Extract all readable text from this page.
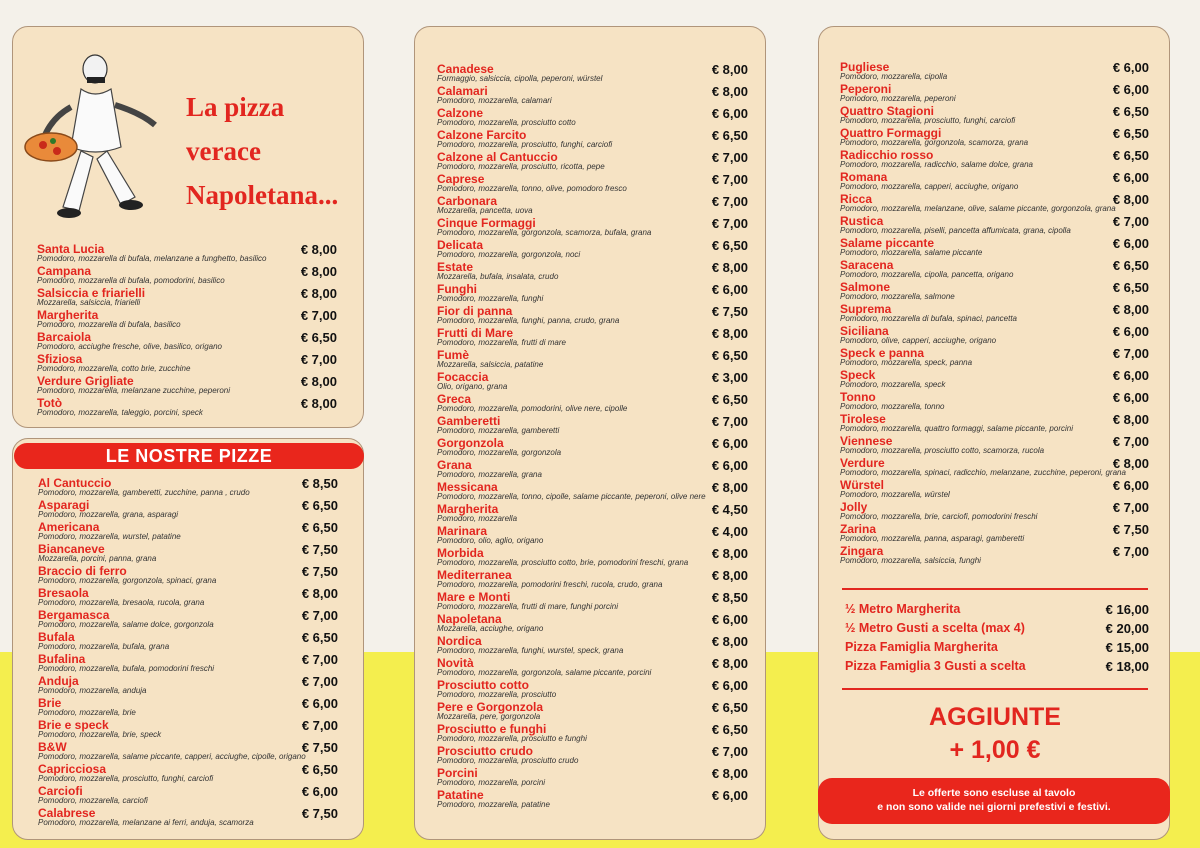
La pizza
verace
Napoletana...
Santa Lucia
Pomodoro, mozzarella di bufala, melanzane a funghetto, basilico
€ 8,00
Campana
Pomodoro, mozzarella di bufala, pomodorini, basilico
€ 8,00
Salsiccia e friarielli
Mozzarella, salsiccia, friarielli
€ 8,00
Margherita
Pomodoro, mozzarella di bufala, basilico
€ 7,00
Barcaiola
Pomodoro, acciughe fresche, olive, basilico, origano
€ 6,50
Sfiziosa
Pomodoro, mozzarella, cotto brie, zucchine
€ 7,00
Verdure Grigliate
Pomodoro, mozzarella, melanzane zucchine, peperoni
€ 8,00
Totò
Pomodoro, mozzarella, taleggio, porcini, speck
€ 8,00
LE NOSTRE PIZZE
Al Cantuccio
Pomodoro, mozzarella, gamberetti, zucchine, panna , crudo
€ 8,50
Asparagi
Pomodoro, mozzarella, grana, asparagi
€ 6,50
Americana
Pomodoro, mozzarella, wurstel, patatine
€ 6,50
Biancaneve
Mozzarella, porcini, panna, grana
€ 7,50
Braccio di ferro
Pomodoro, mozzarella, gorgonzola, spinaci, grana
€ 7,50
Bresaola
Pomodoro, mozzarella, bresaola, rucola, grana
€ 8,00
Bergamasca
Pomodoro, mozzarella, salame dolce, gorgonzola
€ 7,00
Bufala
Pomodoro, mozzarella, bufala, grana
€ 6,50
Bufalina
Pomodoro, mozzarella, bufala, pomodorini freschi
€ 7,00
Anduja
Pomodoro, mozzarella, anduja
€ 7,00
Brie
Pomodoro, mozzarella, brie
€ 6,00
Brie e speck
Pomodoro, mozzarella, brie, speck
€ 7,00
B&W
Pomodoro, mozzarella, salame piccante, capperi, acciughe, cipolle, origano
€ 7,50
Capricciosa
Pomodoro, mozzarella, prosciutto, funghi, carciofi
€ 6,50
Carciofi
Pomodoro, mozzarella, carciofi
€ 6,00
Calabrese
Pomodoro, mozzarella, melanzane ai ferri, anduja, scamorza
€ 7,50
Canadese
Formaggio, salsiccia, cipolla, peperoni, würstel
€ 8,00
Calamari
Pomodoro, mozzarella, calamari
€ 8,00
Calzone
Pomodoro, mozzarella, prosciutto cotto
€ 6,00
Calzone Farcito
Pomodoro, mozzarella, prosciutto, funghi, carciofi
€ 6,50
Calzone al Cantuccio
Pomodoro, mozzarella, prosciutto, ricotta, pepe
€ 7,00
Caprese
Pomodoro, mozzarella, tonno, olive, pomodoro fresco
€ 7,00
Carbonara
Mozzarella, pancetta, uova
€ 7,00
Cinque Formaggi
Pomodoro, mozzarella, gorgonzola, scamorza, bufala, grana
€ 7,00
Delicata
Pomodoro, mozzarella, gorgonzola, noci
€ 6,50
Estate
Mozzarella, bufala, insalata, crudo
€ 8,00
Funghi
Pomodoro, mozzarella, funghi
€ 6,00
Fior di panna
Pomodoro, mozzarella, funghi, panna, crudo, grana
€ 7,50
Frutti di Mare
Pomodoro, mozzarella, frutti di mare
€ 8,00
Fumè
Mozzarella, salsiccia, patatine
€ 6,50
Focaccia
Olio, origano, grana
€ 3,00
Greca
Pomodoro, mozzarella, pomodorini, olive nere, cipolle
€ 6,50
Gamberetti
Pomodoro, mozzarella, gamberetti
€ 7,00
Gorgonzola
Pomodoro, mozzarella, gorgonzola
€ 6,00
Grana
Pomodoro, mozzarella, grana
€ 6,00
Messicana
Pomodoro, mozzarella, tonno, cipolle, salame piccante, peperoni, olive nere
€ 8,00
Margherita
Pomodoro, mozzarella
€ 4,50
Marinara
Pomodoro, olio, aglio, origano
€ 4,00
Morbida
Pomodoro, mozzarella, prosciutto cotto, brie, pomodorini freschi, grana
€ 8,00
Mediterranea
Pomodoro, mozzarella, pomodorini freschi, rucola, crudo, grana
€ 8,00
Mare e Monti
Pomodoro, mozzarella, frutti di mare, funghi porcini
€ 8,50
Napoletana
Mozzarella, acciughe, origano
€ 6,00
Nordica
Pomodoro, mozzarella, funghi, wurstel, speck, grana
€ 8,00
Novità
Pomodoro, mozzarella, gorgonzola, salame piccante, porcini
€ 8,00
Prosciutto cotto
Pomodoro, mozzarella, prosciutto
€ 6,00
Pere e Gorgonzola
Mozzarella, pere, gorgonzola
€ 6,50
Prosciutto e funghi
Pomodoro, mozzarella, prosciutto e funghi
€ 6,50
Prosciutto crudo
Pomodoro, mozzarella, prosciutto crudo
€ 7,00
Porcini
Pomodoro, mozzarella, porcini
€ 8,00
Patatine
Pomodoro, mozzarella, patatine
€ 6,00
Pugliese
Pomodoro, mozzarella, cipolla
€ 6,00
Peperoni
Pomodoro, mozzarella, peperoni
€ 6,00
Quattro Stagioni
Pomodoro, mozzarella, prosciutto, funghi, carciofi
€ 6,50
Quattro Formaggi
Pomodoro, mozzarella, gorgonzola, scamorza, grana
€ 6,50
Radicchio rosso
Pomodoro, mozzarella, radicchio, salame dolce, grana
€ 6,50
Romana
Pomodoro, mozzarella, capperi, acciughe, origano
€ 6,00
Ricca
Pomodoro, mozzarella, melanzane, olive, salame piccante, gorgonzola, grana
€ 8,00
Rustica
Pomodoro, mozzarella, piselli, pancetta affumicata, grana, cipolla
€ 7,00
Salame piccante
Pomodoro, mozzarella, salame piccante
€ 6,00
Saracena
Pomodoro, mozzarella, cipolla, pancetta, origano
€ 6,50
Salmone
Pomodoro, mozzarella, salmone
€ 6,50
Suprema
Pomodoro, mozzarella di bufala, spinaci, pancetta
€ 8,00
Siciliana
Pomodoro, olive, capperi, acciughe, origano
€ 6,00
Speck e panna
Pomodoro, mozzarella, speck, panna
€ 7,00
Speck
Pomodoro, mozzarella, speck
€ 6,00
Tonno
Pomodoro, mozzarella, tonno
€ 6,00
Tirolese
Pomodoro, mozzarella, quattro formaggi, salame piccante, porcini
€ 8,00
Viennese
Pomodoro, mozzarella, prosciutto cotto, scamorza, rucola
€ 7,00
Verdure
Pomodoro, mozzarella, spinaci, radicchio, melanzane, zucchine, peperoni, grana
€ 8,00
Würstel
Pomodoro, mozzarella, würstel
€ 6,00
Jolly
Pomodoro, mozzarella, brie, carciofi, pomodorini freschi
€ 7,00
Zarina
Pomodoro, mozzarella, panna, asparagi, gamberetti
€ 7,50
Zingara
Pomodoro, mozzarella, salsiccia, funghi
€ 7,00
½ Metro Margherita	€ 16,00
½ Metro Gusti a scelta (max 4)	€ 20,00
Pizza Famiglia Margherita	€ 15,00
Pizza Famiglia 3 Gusti a scelta	€ 18,00
AGGIUNTE
+ 1,00 €
Le offerte sono escluse al tavolo
e non sono valide nei giorni prefestivi e festivi.
